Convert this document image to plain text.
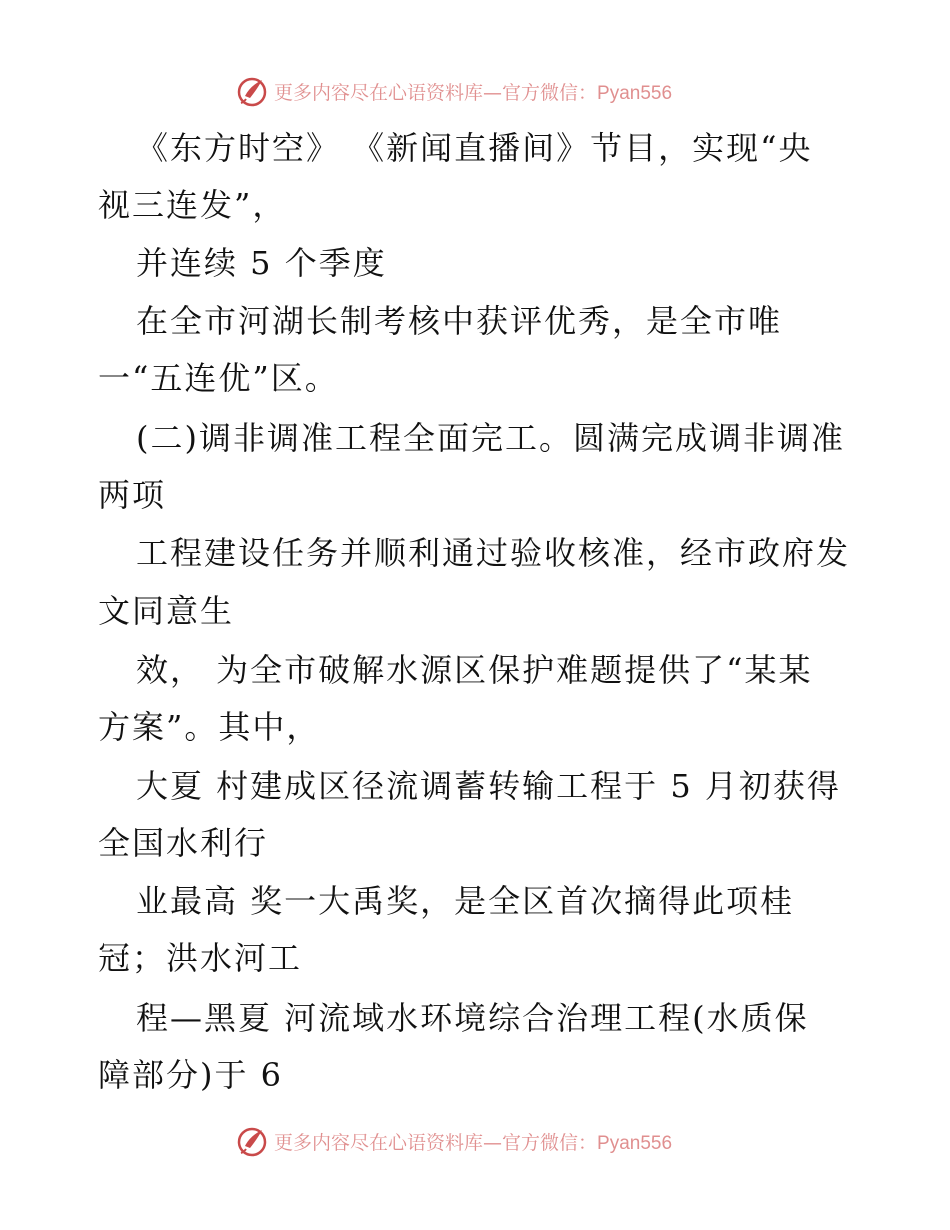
更多内容尽在心语资料库—官方微信：Pyan556
《东方时空》 《新闻直播间》节目，实现“央
视三连发”，
并连续 5 个季度
在全市河湖长制考核中获评优秀，是全市唯
一“五连优”区。
(二)调非调准工程全面完工。圆满完成调非调准
两项
工程建设任务并顺利通过验收核准，经市政府发
文同意生
效， 为全市破解水源区保护难题提供了“某某
方案”。其中，
大夏 村建成区径流调蓄转输工程于 5 月初获得
全国水利行
业最高 奖一大禹奖，是全区首次摘得此项桂
冠；洪水河工
程—黑夏 河流域水环境综合治理工程(水质保
障部分)于 6
更多内容尽在心语资料库—官方微信：Pyan556
